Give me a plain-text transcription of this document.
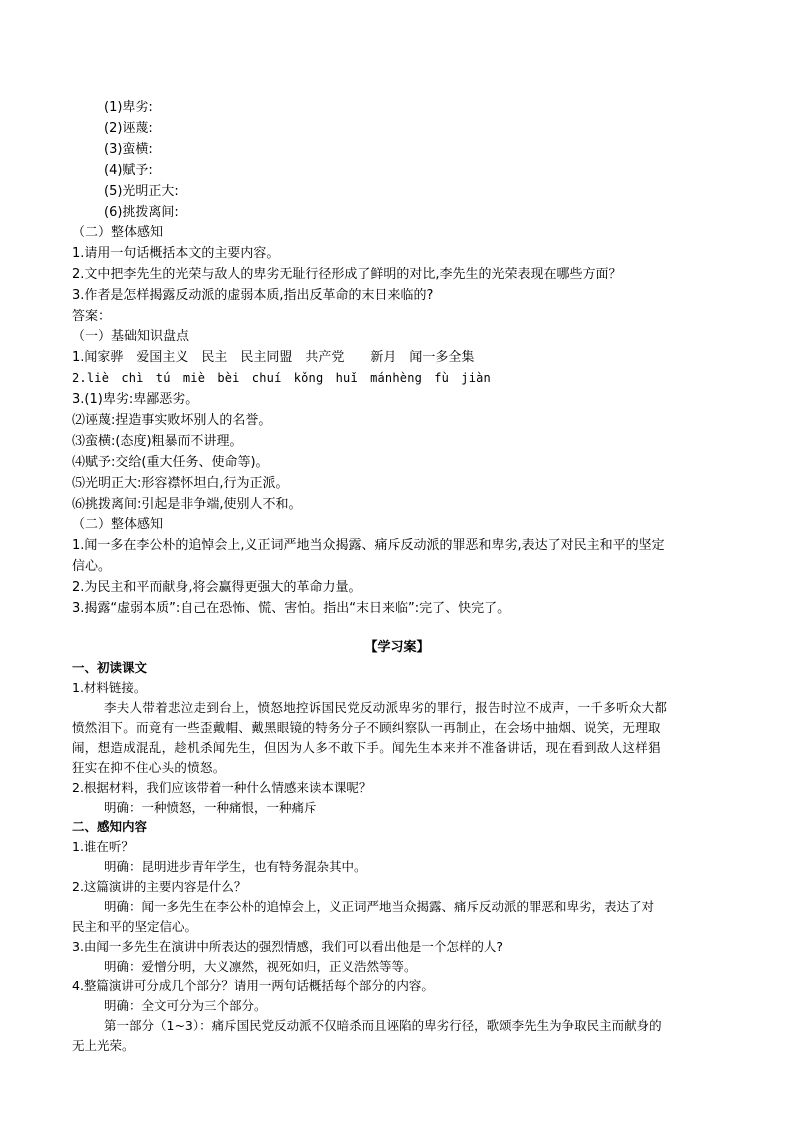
(1)卑劣:
(2)诬蔑:
(3)蛮横:
(4)赋予:
(5)光明正大:
(6)挑拨离间:
（二）整体感知
1.请用一句话概括本文的主要内容。
2.文中把李先生的光荣与敌人的卑劣无耻行径形成了鲜明的对比,李先生的光荣表现在哪些方面？
3.作者是怎样揭露反动派的虚弱本质,指出反革命的末日来临的?
答案：
（一）基础知识盘点
1.闻家骅　爱国主义　民主　民主同盟　共产党　　新月　闻一多全集
2.liè　chì　tú　miè　bèi　chuí　kǒng　huǐ　mánhèng　fù　jiàn
3.(1)卑劣:卑鄙恶劣。
⑵诬蔑:捏造事实败坏别人的名誉。
⑶蛮横:(态度)粗暴而不讲理。
⑷赋予:交给(重大任务、使命等)。
⑸光明正大:形容襟怀坦白,行为正派。
⑹挑拨离间:引起是非争端,使别人不和。
（二）整体感知
1.闻一多在李公朴的追悼会上,义正词严地当众揭露、痛斥反动派的罪恶和卑劣,表达了对民主和平的坚定
信心。
2.为民主和平而献身,将会赢得更强大的革命力量。
3.揭露“虚弱本质”:自己在恐怖、慌、害怕。指出“末日来临”:完了、快完了。
【学习案】
一、初读课文
1.材料链接。
李夫人带着悲泣走到台上，愤怒地控诉国民党反动派卑劣的罪行，报告时泣不成声，一千多听众大都
愤然泪下。而竟有一些歪戴帽、戴黑眼镜的特务分子不顾纠察队一再制止，在会场中抽烟、说笑，无理取
闹，想造成混乱，趁机杀闻先生，但因为人多不敢下手。闻先生本来并不准备讲话，现在看到敌人这样猖
狂实在抑不住心头的愤怒。
2.根据材料，我们应该带着一种什么情感来读本课呢？
明确：一种愤怒，一种痛恨，一种痛斥
二、感知内容
1.谁在听？
明确：昆明进步青年学生，也有特务混杂其中。
2.这篇演讲的主要内容是什么？
明确：闻一多先生在李公朴的追悼会上，义正词严地当众揭露、痛斥反动派的罪恶和卑劣，表达了对
民主和平的坚定信心。
3.由闻一多先生在演讲中所表达的强烈情感，我们可以看出他是一个怎样的人?
明确：爱憎分明，大义凛然，视死如归，正义浩然等等。
4.整篇演讲可分成几个部分？请用一两句话概括每个部分的内容。
明确：全文可分为三个部分。
第一部分（1~3）：痛斥国民党反动派不仅暗杀而且诬陷的卑劣行径，歌颂李先生为争取民主而献身的
无上光荣。
